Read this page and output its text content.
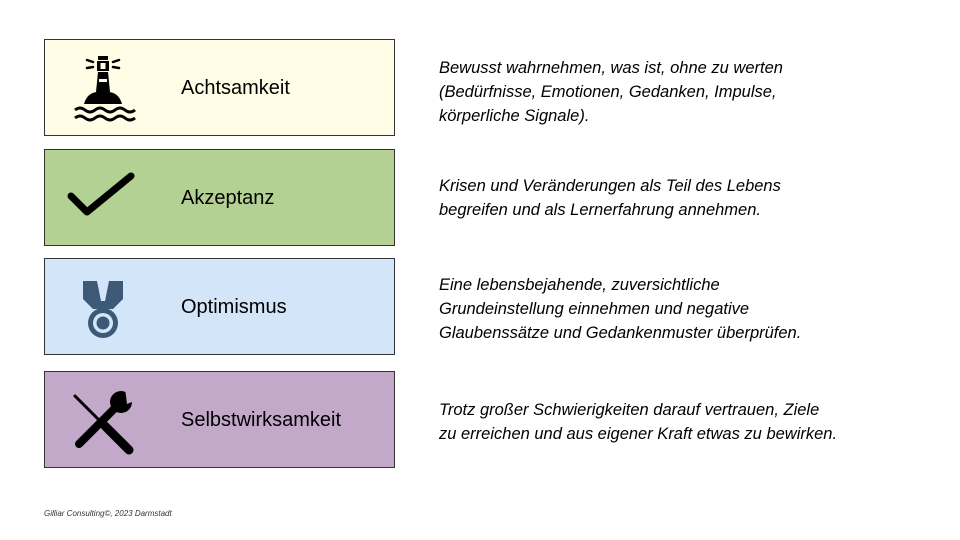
Achtsamkeit
Bewusst wahrnehmen, was ist, ohne zu werten
(Bedürfnisse, Emotionen, Gedanken, Impulse,
körperliche Signale).
Akzeptanz
Krisen und Veränderungen als Teil des Lebens
begreifen und als Lernerfahrung annehmen.
Optimismus
Eine lebensbejahende, zuversichtliche
Grundeinstellung einnehmen und negative
Glaubenssätze und Gedankenmuster überprüfen.
Selbstwirksamkeit	Trotz großer Schwierigkeiten darauf vertrauen, Ziele
zu erreichen und aus eigener Kraft etwas zu bewirken.
Gilliar Consulting©, 2023 Darmstadt
